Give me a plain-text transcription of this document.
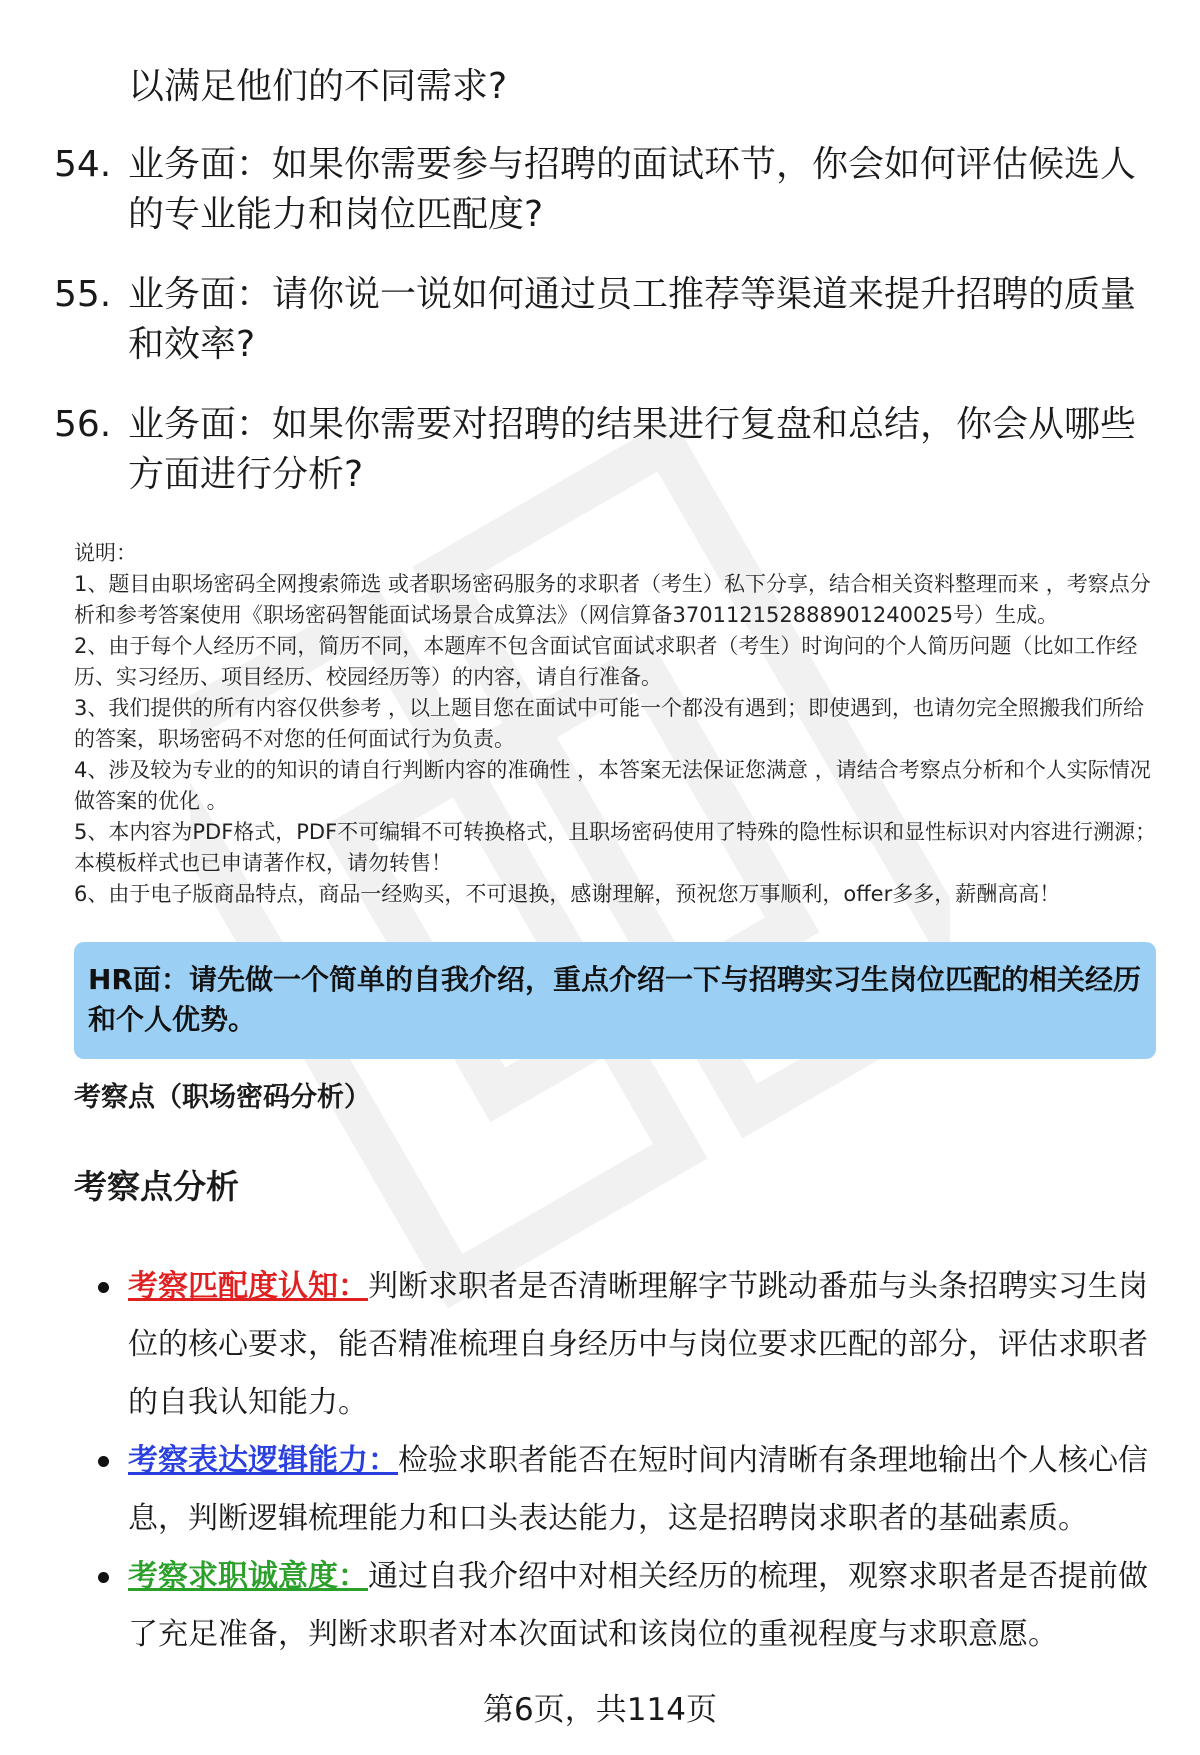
以满足他们的不同需求?
54. 业务面：如果你需要参与招聘的面试环节，你会如何评估候选人的专业能力和岗位匹配度?
55. 业务面：请你说一说如何通过员工推荐等渠道来提升招聘的质量和效率?
56. 业务面：如果你需要对招聘的结果进行复盘和总结，你会从哪些方面进行分析?

说明：

1、题目由职场密码全网搜索筛选 或者职场密码服务的求职者（考生）私下分享，结合相关资料整理而来 ，考察点分析和参考答案使用《职场密码智能面试场景合成算法》（网信算备370112152888901240025号）生成。

2、由于每个人经历不同，简历不同，本题库不包含面试官面试求职者（考生）时询问的个人简历问题（比如工作经历、实习经历、项目经历、校园经历等）的内容，请自行准备。

3、我们提供的所有内容仅供参考 ，以上题目您在面试中可能一个都没有遇到；即使遇到，也请勿完全照搬我们所给的答案，职场密码不对您的任何面试行为负责。

4、涉及较为专业的的知识的请自行判断内容的准确性 ，本答案无法保证您满意 ，请结合考察点分析和个人实际情况做答案的优化 。

5、本内容为PDF格式，PDF不可编辑不可转换格式，且职场密码使用了特殊的隐性标识和显性标识对内容进行溯源；本模板样式也已申请著作权，请勿转售！

6、由于电子版商品特点，商品一经购买，不可退换，感谢理解，预祝您万事顺利，offer多多，薪酬高高！

HR面：请先做一个简单的自我介绍，重点介绍一下与招聘实习生岗位匹配的相关经历和个人优势。
考察点（职场密码分析）
考察点分析
考察匹配度认知：判断求职者是否清晰理解字节跳动番茄与头条招聘实习生岗位的核心要求，能否精准梳理自身经历中与岗位要求匹配的部分，评估求职者的自我认知能力。
考察表达逻辑能力：检验求职者能否在短时间内清晰有条理地输出个人核心信息，判断逻辑梳理能力和口头表达能力，这是招聘岗求职者的基础素质。
考察求职诚意度：通过自我介绍中对相关经历的梳理，观察求职者是否提前做了充足准备，判断求职者对本次面试和该岗位的重视程度与求职意愿。
第6页，共114页
